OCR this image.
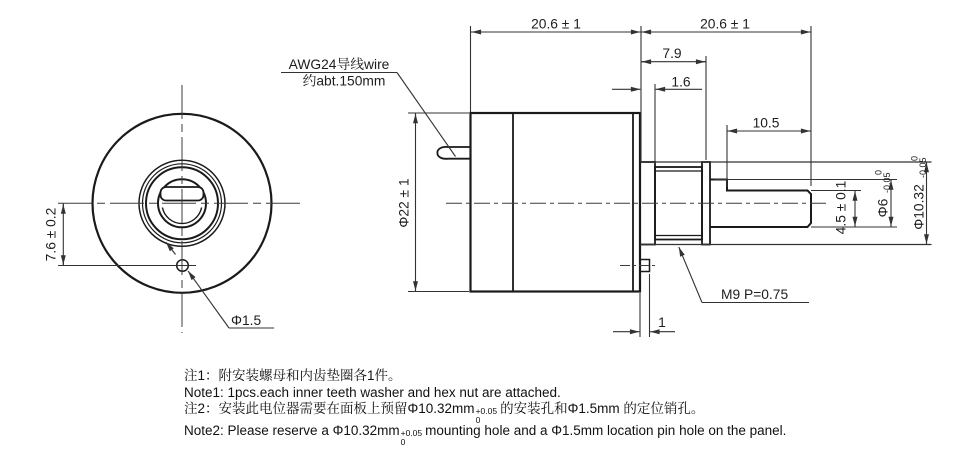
20.6 ± 1	20.6 ± 1
7.9
1.6
10.5
1
M9 P=0.75
AWG24导线wire
约abt.150mm
Φ1.5
7.6 ± 0.2
Φ22 ± 1	4.5 ± 0.1 Φ6
-0.05
0
Φ10.32
-0.05
0
注1：附安装螺母和内齿垫圈各1件。
Note1: 1pcs.each inner teeth washer and hex nut are attached.
注2：安装此电位器需要在面板上预留Φ10.32mm +0.05
0
的安装孔和Φ1.5mm 的定位销孔。
Note2: Please reserve a Φ10.32mm +0.05
0
mounting hole and a Φ1.5mm location pin hole on the panel.
